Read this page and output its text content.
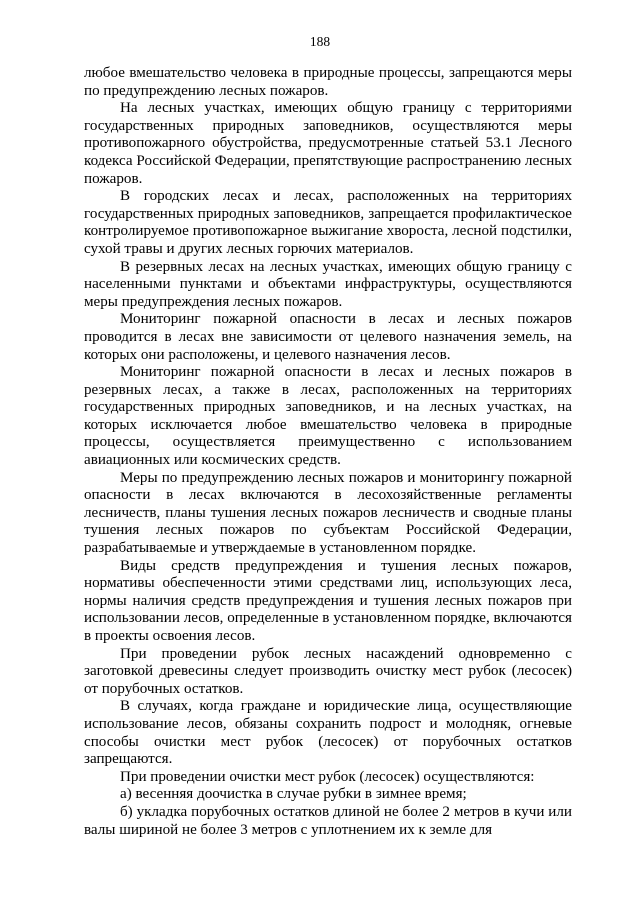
188

любое вмешательство человека в природные процессы, запрещаются меры по предупреждению лесных пожаров.

На лесных участках, имеющих общую границу с территориями государственных природных заповедников, осуществляются меры противопожарного обустройства, предусмотренные статьей 53.1 Лесного кодекса Российской Федерации, препятствующие распространению лесных пожаров.

В городских лесах и лесах, расположенных на территориях государственных природных заповедников, запрещается профилактическое контролируемое противопожарное выжигание хвороста, лесной подстилки, сухой травы и других лесных горючих материалов.

В резервных лесах на лесных участках, имеющих общую границу с населенными пунктами и объектами инфраструктуры, осуществляются меры предупреждения лесных пожаров.

Мониторинг пожарной опасности в лесах и лесных пожаров проводится в лесах вне зависимости от целевого назначения земель, на которых они расположены, и целевого назначения лесов.

Мониторинг пожарной опасности в лесах и лесных пожаров в резервных лесах, а также в лесах, расположенных на территориях государственных природных заповедников, и на лесных участках, на которых исключается любое вмешательство человека в природные процессы, осуществляется преимущественно с использованием авиационных или космических средств.

Меры по предупреждению лесных пожаров и мониторингу пожарной опасности в лесах включаются в лесохозяйственные регламенты лесничеств, планы тушения лесных пожаров лесничеств и сводные планы тушения лесных пожаров по субъектам Российской Федерации, разрабатываемые и утверждаемые в установленном порядке.

Виды средств предупреждения и тушения лесных пожаров, нормативы обеспеченности этими средствами лиц, использующих леса, нормы наличия средств предупреждения и тушения лесных пожаров при использовании лесов, определенные в установленном порядке, включаются в проекты освоения лесов.

При проведении рубок лесных насаждений одновременно с заготовкой древесины следует производить очистку мест рубок (лесосек) от порубочных остатков.

В случаях, когда граждане и юридические лица, осуществляющие использование лесов, обязаны сохранить подрост и молодняк, огневые способы очистки мест рубок (лесосек) от порубочных остатков запрещаются.

При проведении очистки мест рубок (лесосек) осуществляются:

а) весенняя доочистка в случае рубки в зимнее время;

б) укладка порубочных остатков длиной не более 2 метров в кучи или валы шириной не более 3 метров с уплотнением их к земле для
